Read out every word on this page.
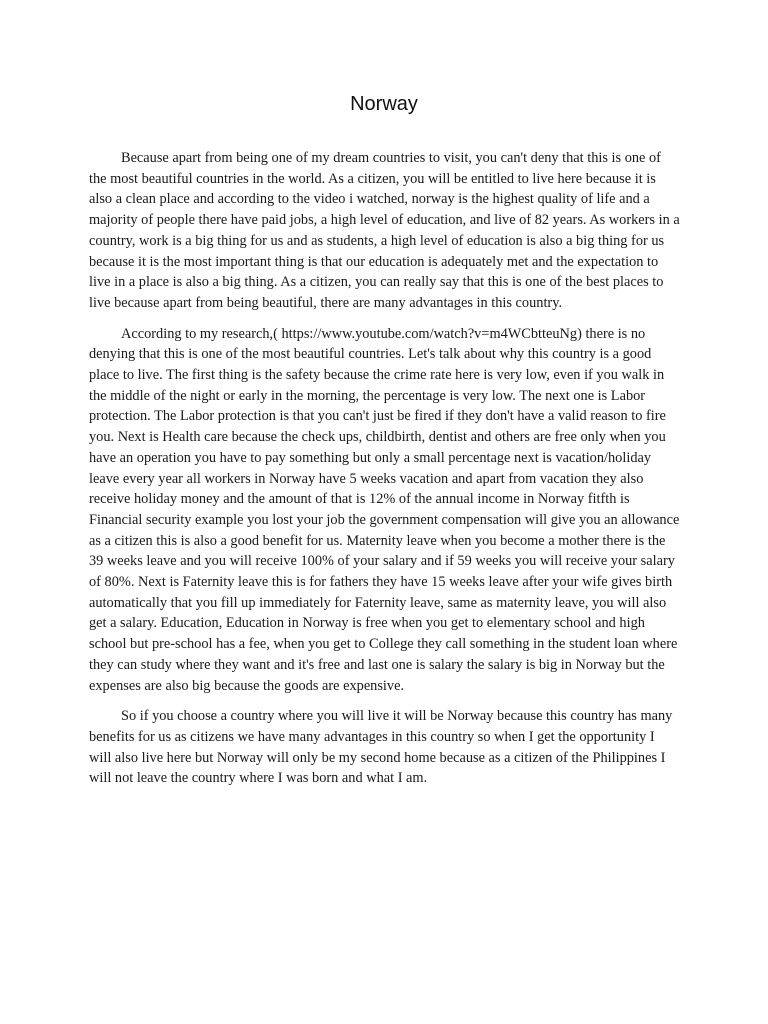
Norway

Because apart from being one of my dream countries to visit, you can't deny that this is one of the most beautiful countries in the world. As a citizen, you will be entitled to live here because it is also a clean place and according to the video i watched, norway is the highest quality of life and a majority of people there have paid jobs, a high level of education, and live of 82 years. As workers in a country, work is a big thing for us and as students, a high level of education is also a big thing for us because it is the most important thing is that our education is adequately met and the expectation to live in a place is also a big thing. As a citizen, you can really say that this is one of the best places to live because apart from being beautiful, there are many advantages in this country.

According to my research,( https://www.youtube.com/watch?v=m4WCbtteuNg) there is no denying that this is one of the most beautiful countries. Let's talk about why this country is a good place to live. The first thing is the safety because the crime rate here is very low, even if you walk in the middle of the night or early in the morning, the percentage is very low. The next one is Labor protection. The Labor protection is that you can't just be fired if they don't have a valid reason to fire you. Next is Health care because the check ups, childbirth, dentist and others are free only when you have an operation you have to pay something but only a small percentage next is vacation/holiday leave every year all workers in Norway have 5 weeks vacation and apart from vacation they also receive holiday money and the amount of that is 12% of the annual income in Norway fitfth is Financial security example you lost your job the government compensation will give you an allowance as a citizen this is also a good benefit for us. Maternity leave when you become a mother there is the 39 weeks leave and you will receive 100% of your salary and if 59 weeks you will receive your salary of 80%. Next is Faternity leave this is for fathers they have 15 weeks leave after your wife gives birth automatically that you fill up immediately for Faternity leave, same as maternity leave, you will also get a salary. Education, Education in Norway is free when you get to elementary school and high school but pre-school has a fee, when you get to College they call something in the student loan where they can study where they want and it's free and last one is salary the salary is big in Norway but the expenses are also big because the goods are expensive.

So if you choose a country where you will live it will be Norway because this country has many benefits for us as citizens we have many advantages in this country so when I get the opportunity I will also live here but Norway will only be my second home because as a citizen of the Philippines I will not leave the country where I was born and what I am.
